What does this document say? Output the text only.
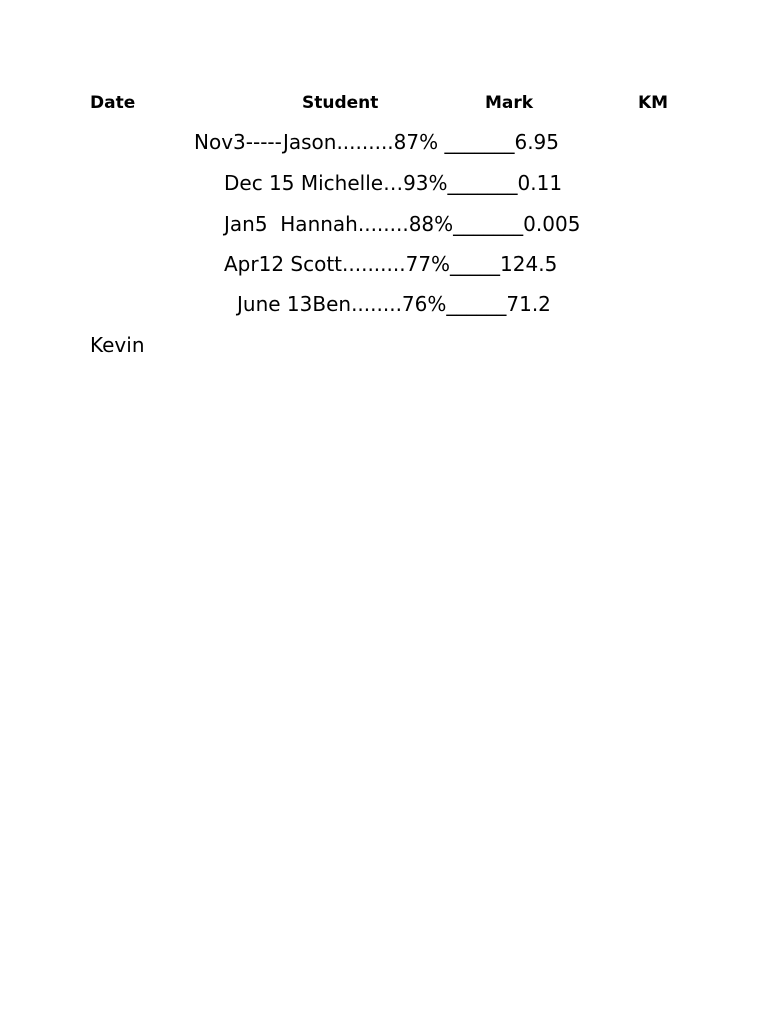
Date	Student	Mark	KM
Nov3-----Jason.........87% _______6.95
Dec 15 Michelle…93%_______0.11
Jan5  Hannah........88%_______0.005
Apr12 Scott..........77%_____124.5
June 13Ben........76%______71.2
Kevin
